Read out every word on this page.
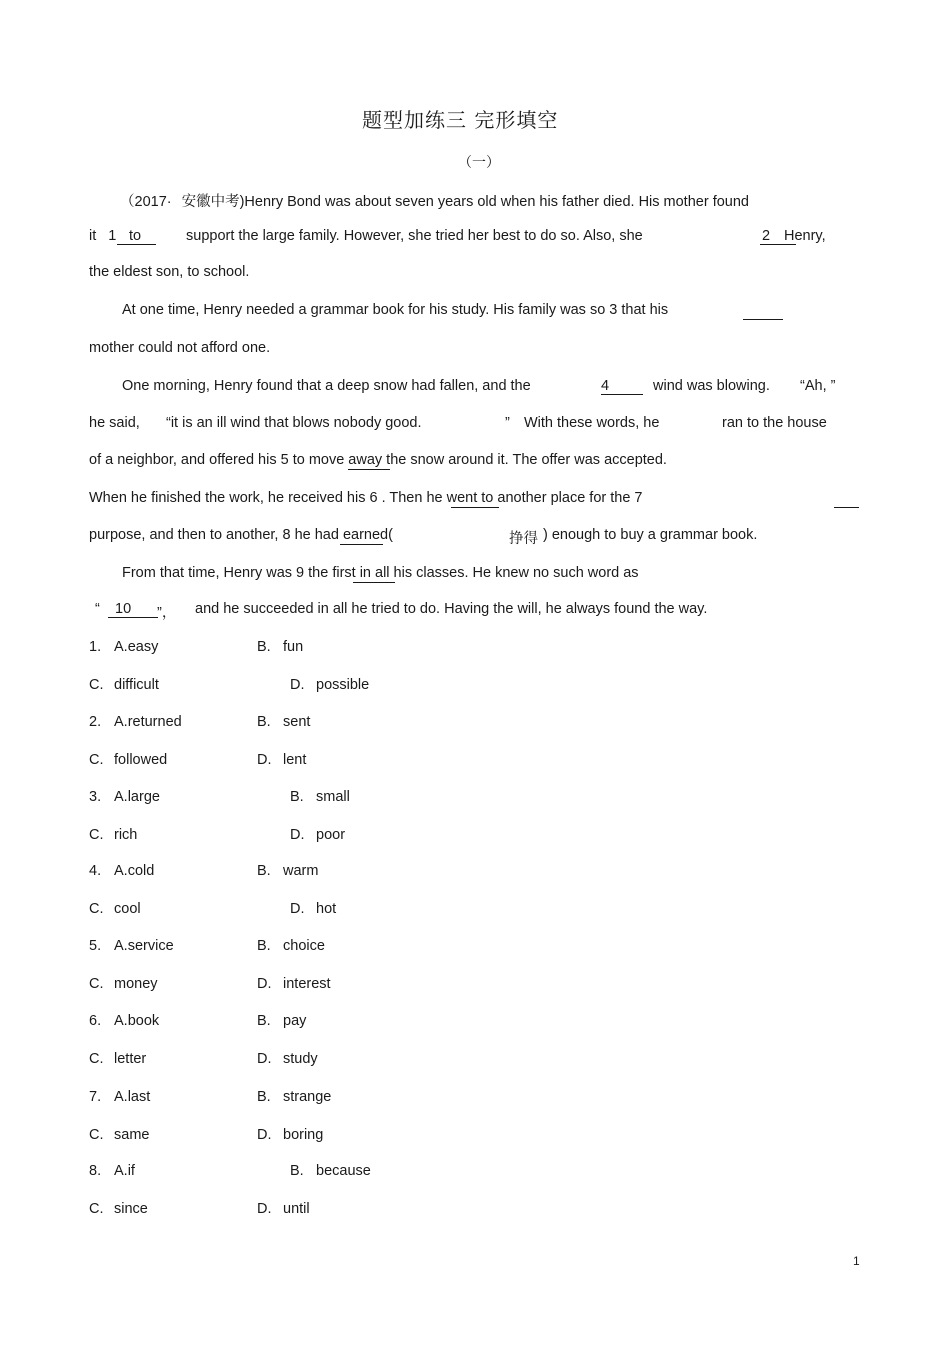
题型加练三 完形填空
（一）
（2017· 安徽中考)Henry Bond was about seven years old when his father died. His mother found
it 1 to	support the large family. However, she tried her best to do so. Also, she	2 Henry,
the eldest son, to school.
At one time, Henry needed a grammar book for his study. His family was so 3 that his
mother could not afford one.
One morning, Henry found that a deep snow had fallen, and the	4	wind was blowing. “Ah, ”
he said, “it is an ill wind that blows nobody good.	” With these words, he	ran to the house
of a neighbor, and offered his 5 to move away the snow around it. The offer was accepted.
When he finished the work, he received his 6 . Then he went to another place for the 7
purpose, and then to another, 8 he had earned(	挣得 ) enough to buy a grammar book.
From that time, Henry was 9 the first in all his classes. He knew no such word as
“	10	”， and he succeeded in all he tried to do. Having the will, he always found the way.
1. A.easy	B. fun
C. difficult	D. possible
2. A.returned	B. sent
C. followed	D. lent
3. A.large	B. small
C. rich	D. poor
4. A.cold	B. warm
C. cool	D. hot
5. A.service	B. choice
C. money	D. interest
6. A.book	B. pay
C. letter	D. study
7. A.last	B. strange
C. same	D. boring
8. A.if	B. because
C. since	D. until
1
